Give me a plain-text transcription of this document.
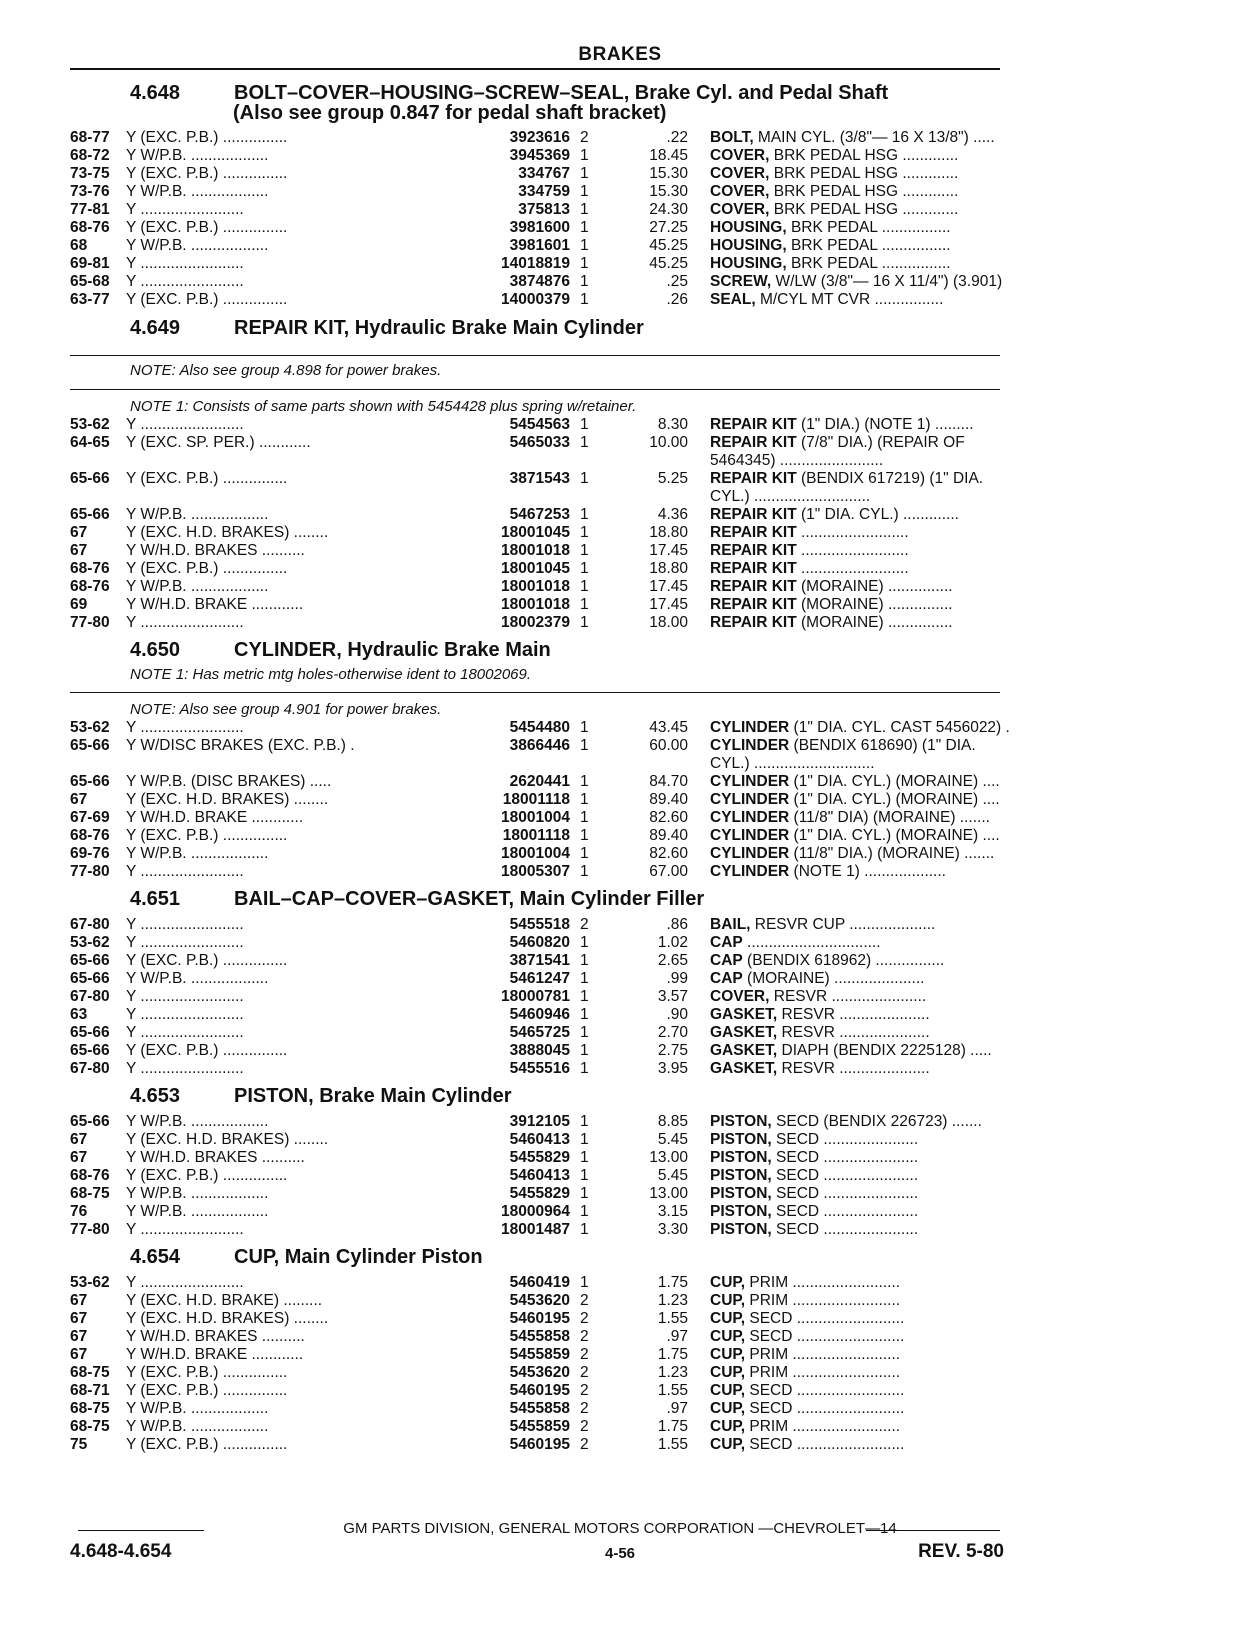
BRAKES
4.648	BOLT–COVER–HOUSING–SCREW–SEAL, Brake Cyl. and Pedal Shaft
(Also see group 0.847 for pedal shaft bracket)
68-77	Y (EXC. P.B.) ...............	3923616 2	.22 BOLT, MAIN CYL. (3/8"— 16 X 13/8") .....
68-72	Y W/P.B. ..................	3945369 1	18.45 COVER, BRK PEDAL HSG .............
73-75	Y (EXC. P.B.) ...............	334767 1	15.30 COVER, BRK PEDAL HSG .............
73-76	Y W/P.B. ..................	334759 1	15.30 COVER, BRK PEDAL HSG .............
77-81	Y ........................	375813 1	24.30 COVER, BRK PEDAL HSG .............
68-76	Y (EXC. P.B.) ...............	3981600 1	27.25 HOUSING, BRK PEDAL ................
68	Y W/P.B. ..................	3981601 1	45.25 HOUSING, BRK PEDAL ................
69-81	Y ........................	14018819 1	45.25 HOUSING, BRK PEDAL ................
65-68	Y ........................	3874876 1	.25 SCREW, W/LW (3/8"— 16 X 11/4") (3.901)
63-77	Y (EXC. P.B.) ...............	14000379 1	.26 SEAL, M/CYL MT CVR ................
4.649	REPAIR KIT, Hydraulic Brake Main Cylinder
NOTE: Also see group 4.898 for power brakes.
NOTE 1: Consists of same parts shown with 5454428 plus spring w/retainer.
53-62	Y ........................	5454563 1	8.30 REPAIR KIT (1" DIA.) (NOTE 1) .........
64-65	Y (EXC. SP. PER.) ............	5465033 1	10.00 REPAIR KIT (7/8" DIA.) (REPAIR OF
5464345) ........................
65-66	Y (EXC. P.B.) ...............	3871543 1	5.25 REPAIR KIT (BENDIX 617219) (1" DIA.
CYL.) ...........................
65-66	Y W/P.B. ..................	5467253 1	4.36 REPAIR KIT (1" DIA. CYL.) .............
67	Y (EXC. H.D. BRAKES) ........	18001045 1	18.80 REPAIR KIT .........................
67	Y W/H.D. BRAKES ..........	18001018 1	17.45 REPAIR KIT .........................
68-76	Y (EXC. P.B.) ...............	18001045 1	18.80 REPAIR KIT .........................
68-76	Y W/P.B. ..................	18001018 1	17.45 REPAIR KIT (MORAINE) ...............
69	Y W/H.D. BRAKE ............	18001018 1	17.45 REPAIR KIT (MORAINE) ...............
77-80	Y ........................	18002379 1	18.00 REPAIR KIT (MORAINE) ...............
4.650	CYLINDER, Hydraulic Brake Main
NOTE 1: Has metric mtg holes-otherwise ident to 18002069.
NOTE: Also see group 4.901 for power brakes.
53-62	Y ........................	5454480 1	43.45 CYLINDER (1" DIA. CYL. CAST 5456022) .
65-66	Y W/DISC BRAKES (EXC. P.B.) .	3866446 1	60.00 CYLINDER (BENDIX 618690) (1" DIA.
CYL.) ............................
65-66	Y W/P.B. (DISC BRAKES) .....	2620441 1	84.70 CYLINDER (1" DIA. CYL.) (MORAINE) ....
67	Y (EXC. H.D. BRAKES) ........	18001118 1	89.40 CYLINDER (1" DIA. CYL.) (MORAINE) ....
67-69	Y W/H.D. BRAKE ............	18001004 1	82.60 CYLINDER (11/8" DIA) (MORAINE) .......
68-76	Y (EXC. P.B.) ...............	18001118 1	89.40 CYLINDER (1" DIA. CYL.) (MORAINE) ....
69-76	Y W/P.B. ..................	18001004 1	82.60 CYLINDER (11/8" DIA.) (MORAINE) .......
77-80	Y ........................	18005307 1	67.00 CYLINDER (NOTE 1) ...................
4.651	BAIL–CAP–COVER–GASKET, Main Cylinder Filler
67-80	Y ........................	5455518 2	.86 BAIL, RESVR CUP ....................
53-62	Y ........................	5460820 1	1.02 CAP ...............................
65-66	Y (EXC. P.B.) ...............	3871541 1	2.65 CAP (BENDIX 618962) ................
65-66	Y W/P.B. ..................	5461247 1	.99 CAP (MORAINE) .....................
67-80	Y ........................	18000781 1	3.57 COVER, RESVR ......................
63	Y ........................	5460946 1	.90 GASKET, RESVR .....................
65-66	Y ........................	5465725 1	2.70 GASKET, RESVR .....................
65-66	Y (EXC. P.B.) ...............	3888045 1	2.75 GASKET, DIAPH (BENDIX 2225128) .....
67-80	Y ........................	5455516 1	3.95 GASKET, RESVR .....................
4.653	PISTON, Brake Main Cylinder
65-66	Y W/P.B. ..................	3912105 1	8.85 PISTON, SECD (BENDIX 226723) .......
67	Y (EXC. H.D. BRAKES) ........	5460413 1	5.45 PISTON, SECD ......................
67	Y W/H.D. BRAKES ..........	5455829 1	13.00 PISTON, SECD ......................
68-76	Y (EXC. P.B.) ...............	5460413 1	5.45 PISTON, SECD ......................
68-75	Y W/P.B. ..................	5455829 1	13.00 PISTON, SECD ......................
76	Y W/P.B. ..................	18000964 1	3.15 PISTON, SECD ......................
77-80	Y ........................	18001487 1	3.30 PISTON, SECD ......................
4.654	CUP, Main Cylinder Piston
53-62	Y ........................	5460419 1	1.75 CUP, PRIM .........................
67	Y (EXC. H.D. BRAKE) .........	5453620 2	1.23 CUP, PRIM .........................
67	Y (EXC. H.D. BRAKES) ........	5460195 2	1.55 CUP, SECD .........................
67	Y W/H.D. BRAKES ..........	5455858 2	.97 CUP, SECD .........................
67	Y W/H.D. BRAKE ............	5455859 2	1.75 CUP, PRIM .........................
68-75	Y (EXC. P.B.) ...............	5453620 2	1.23 CUP, PRIM .........................
68-71	Y (EXC. P.B.) ...............	5460195 2	1.55 CUP, SECD .........................
68-75	Y W/P.B. ..................	5455858 2	.97 CUP, SECD .........................
68-75	Y W/P.B. ..................	5455859 2	1.75 CUP, PRIM .........................
75	Y (EXC. P.B.) ...............	5460195 2	1.55 CUP, SECD .........................
GM PARTS DIVISION, GENERAL MOTORS CORPORATION —CHEVROLET—14
4.648-4.654	4-56	REV. 5-80
